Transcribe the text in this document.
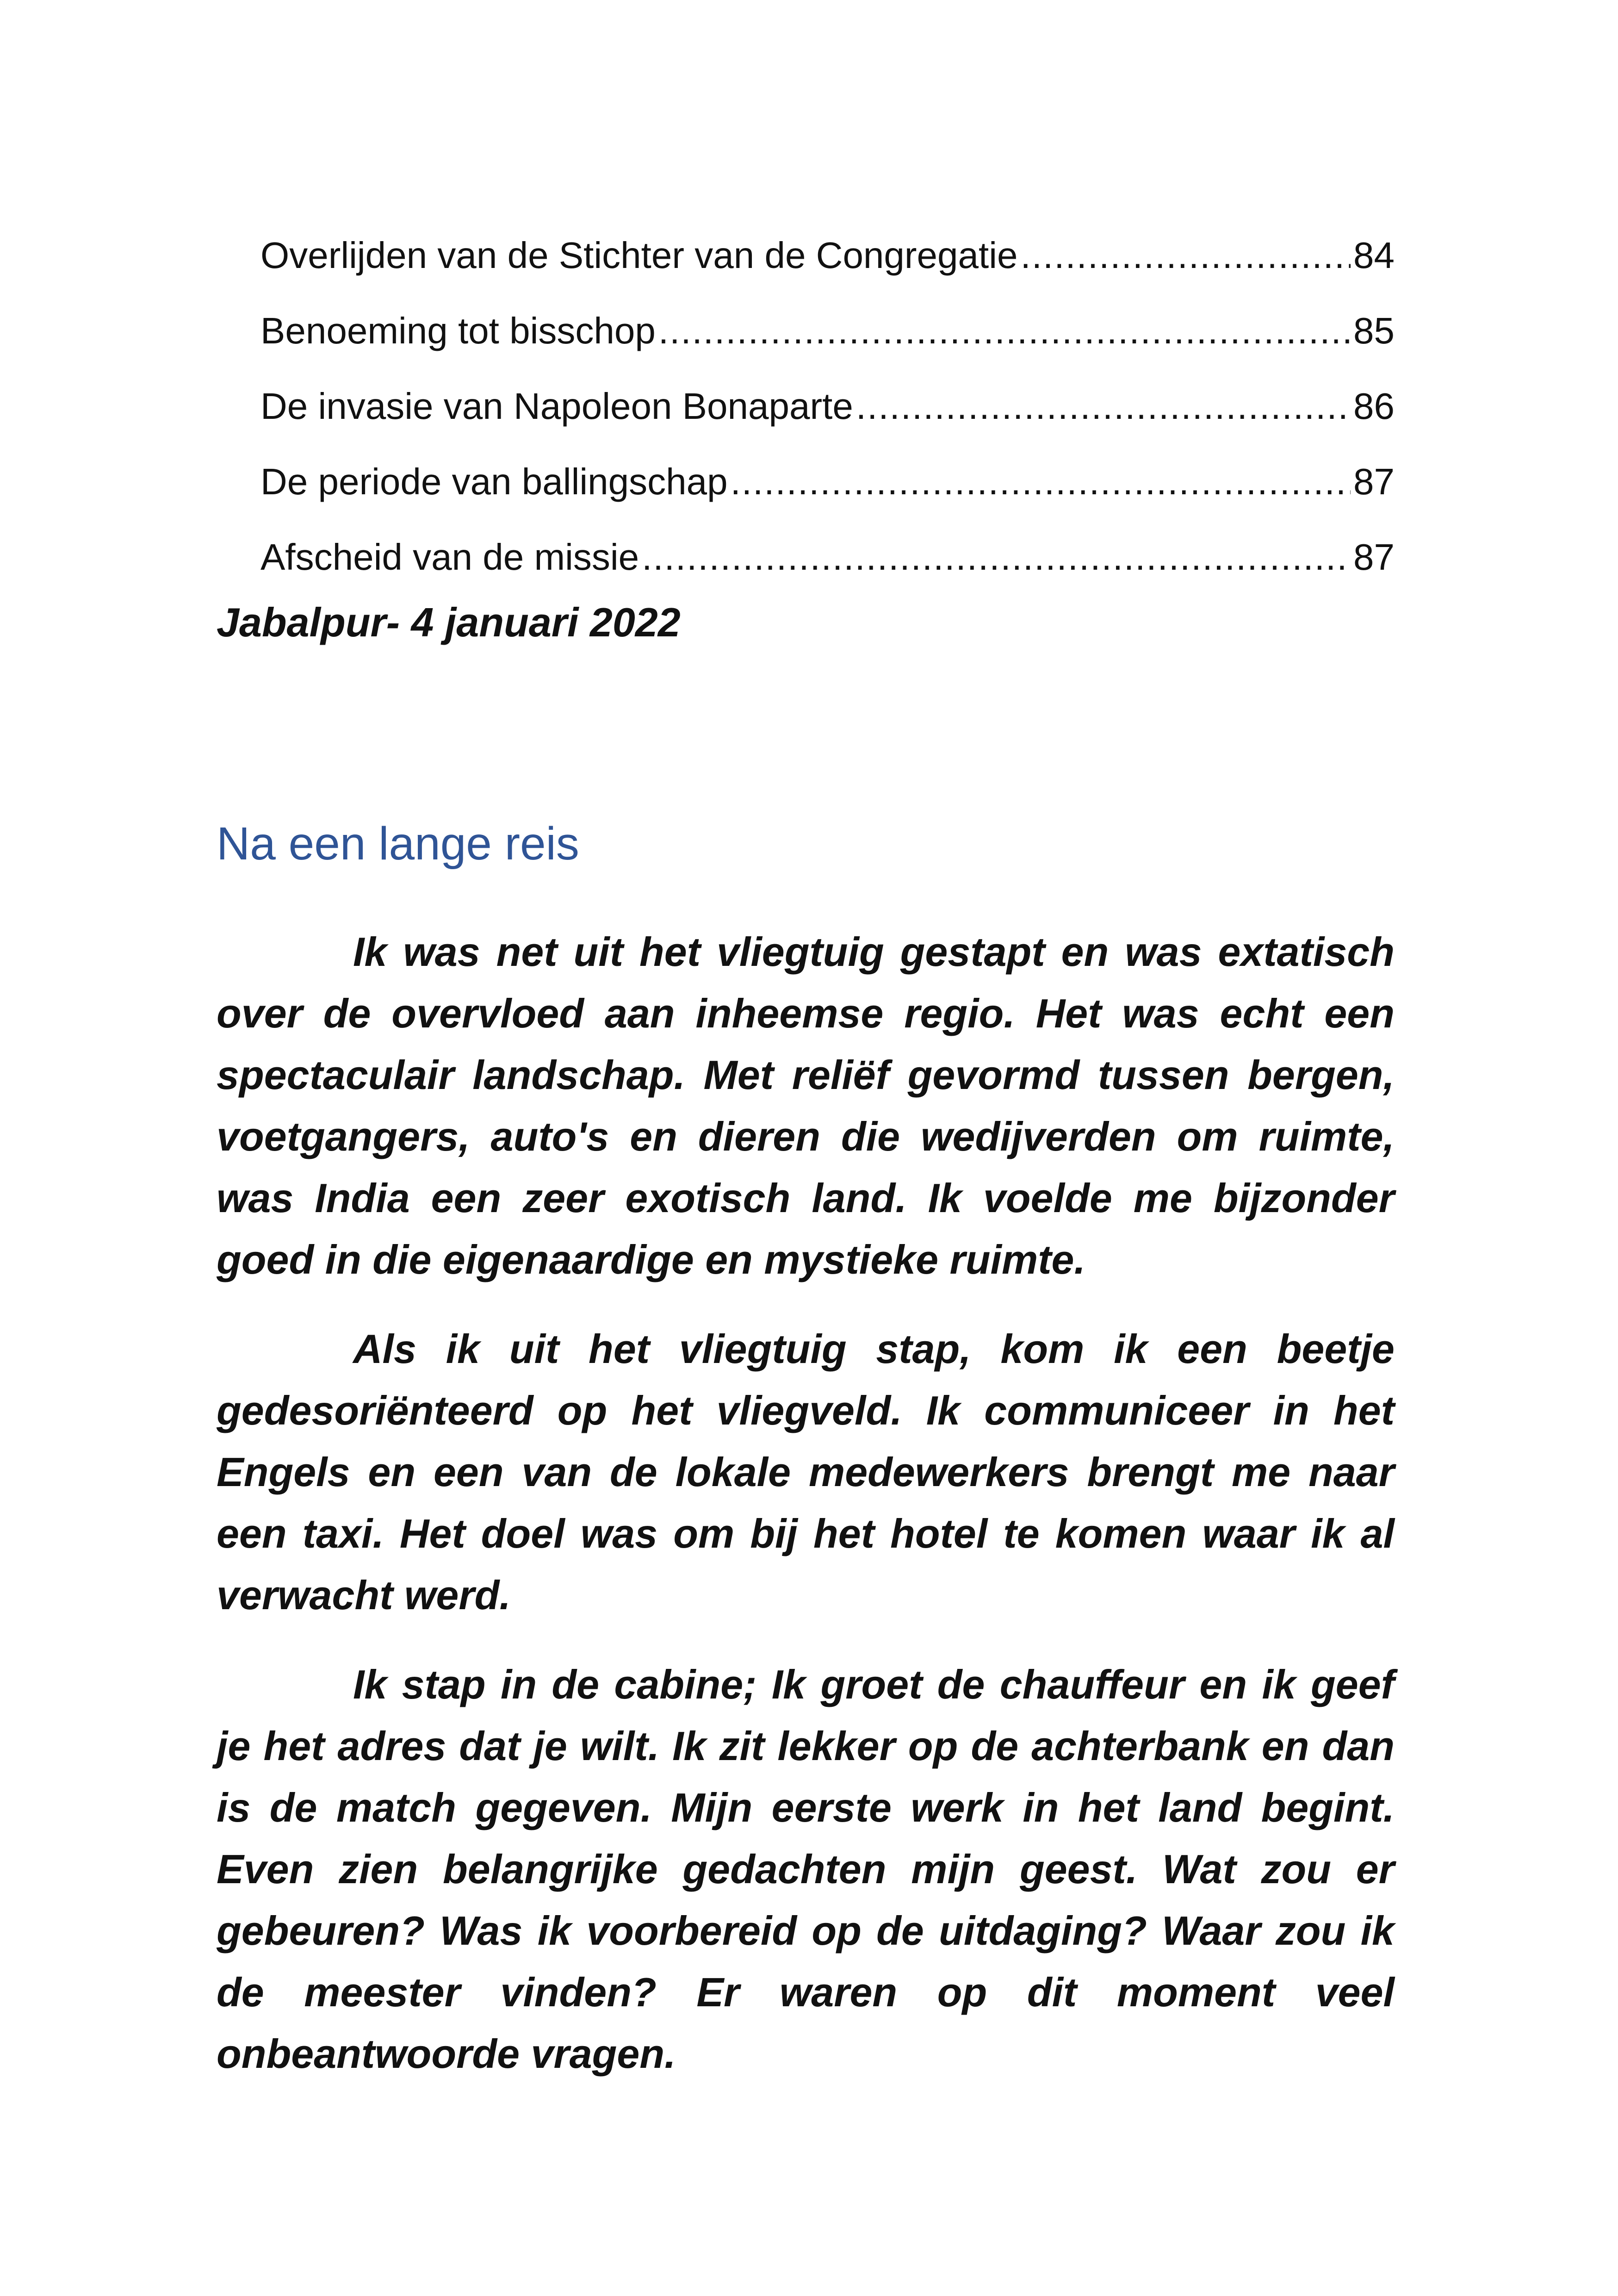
Overlijden van de Stichter van de Congregatie .....	84
Benoeming tot bisschop .....	85
De invasie van Napoleon Bonaparte .....	86
De periode van ballingschap .....	87
Afscheid van de missie .....	87
Jabalpur- 4 januari 2022
Na een lange reis

Ik was net uit het vliegtuig gestapt en was extatisch over de overvloed aan inheemse regio. Het was echt een spectaculair landschap. Met reliëf gevormd tussen bergen, voetgangers, auto's en dieren die wedijverden om ruimte, was India een zeer exotisch land. Ik voelde me bijzonder goed in die eigenaardige en mystieke ruimte.

Als ik uit het vliegtuig stap, kom ik een beetje gedesoriënteerd op het vliegveld. Ik communiceer in het Engels en een van de lokale medewerkers brengt me naar een taxi. Het doel was om bij het hotel te komen waar ik al verwacht werd.

Ik stap in de cabine; Ik groet de chauffeur en ik geef je het adres dat je wilt. Ik zit lekker op de achterbank en dan is de match gegeven. Mijn eerste werk in het land begint. Even zien belangrijke gedachten mijn geest. Wat zou er gebeuren? Was ik voorbereid op de uitdaging? Waar zou ik de meester vinden? Er waren op dit moment veel onbeantwoorde vragen.
